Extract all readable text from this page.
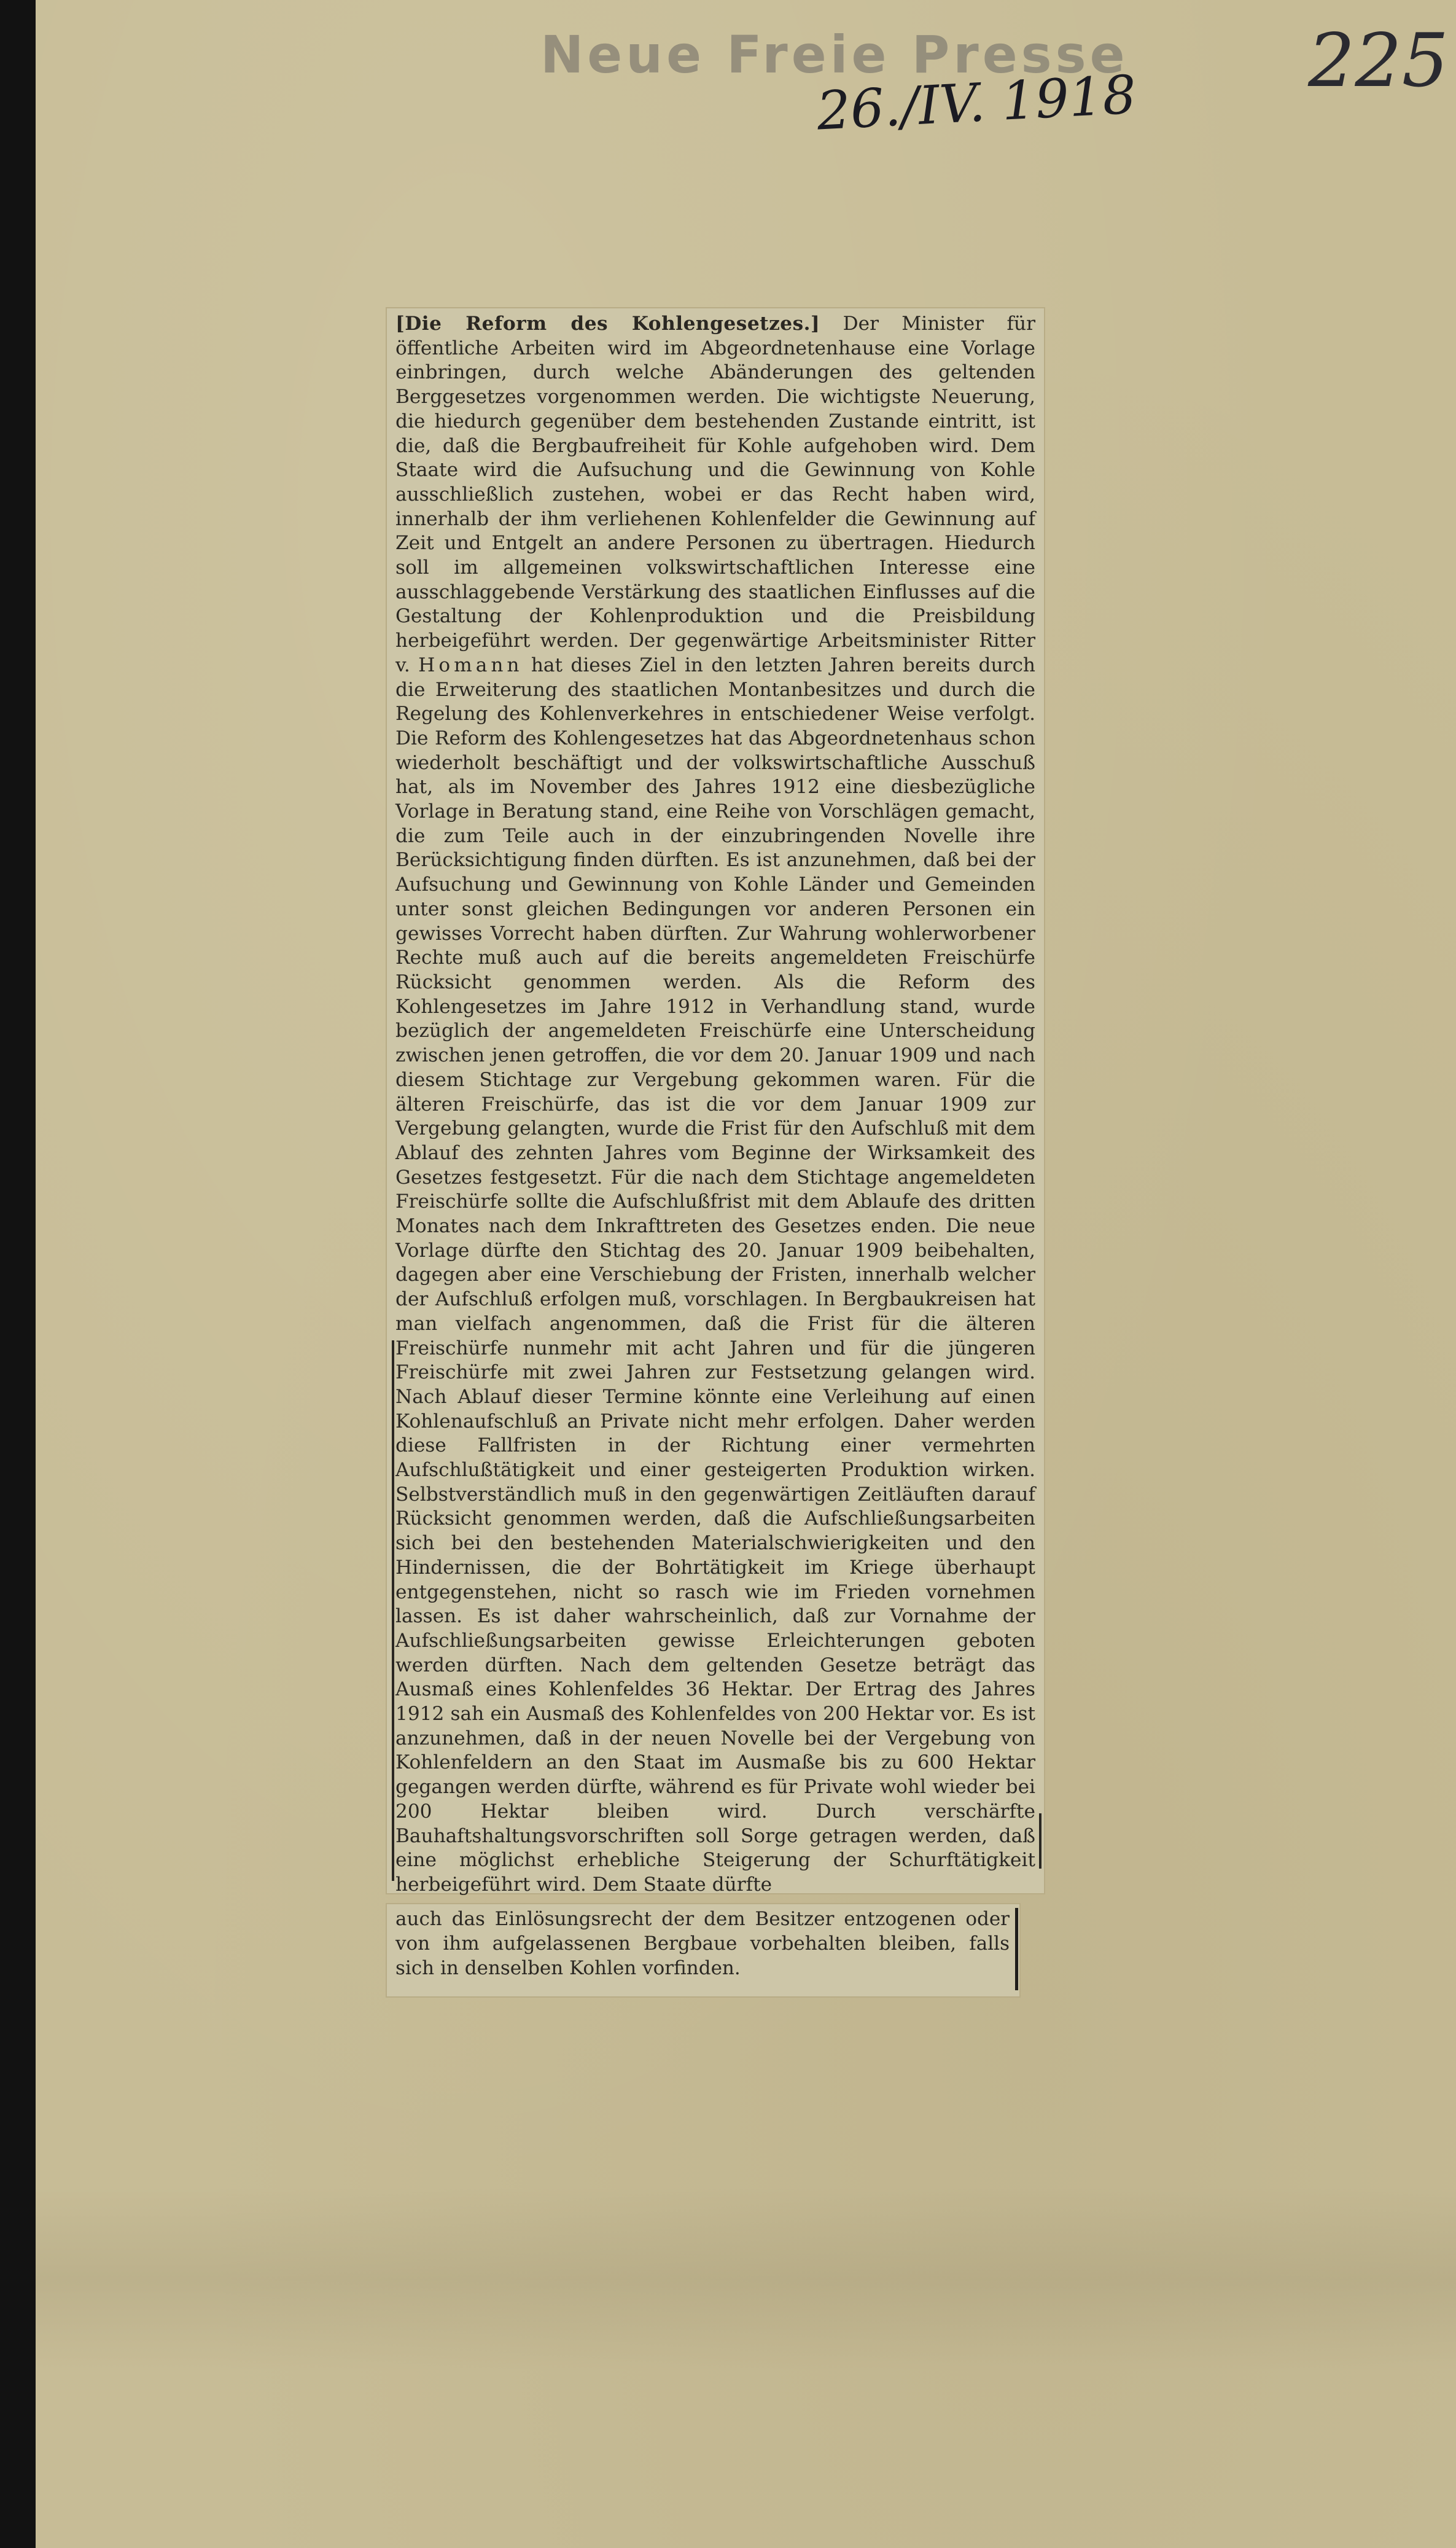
Neue Freie Presse
26./IV. 1918 225
[Die Reform des Kohlengesetzes.] Der Minister für öffentliche Arbeiten wird im Abgeordnetenhause eine Vorlage einbringen, durch welche Abänderungen des geltenden Berggesetzes vorgenommen werden. Die wichtigste Neuerung, die hiedurch gegenüber dem bestehenden Zustande eintritt, ist die, daß die Bergbaufreiheit für Kohle aufgehoben wird. Dem Staate wird die Aufsuchung und die Gewinnung von Kohle ausschließlich zustehen, wobei er das Recht haben wird, innerhalb der ihm verliehenen Kohlenfelder die Gewinnung auf Zeit und Entgelt an andere Personen zu übertragen. Hiedurch soll im allgemeinen volkswirtschaftlichen Interesse eine ausschlaggebende Verstärkung des staatlichen Einflusses auf die Gestaltung der Kohlenproduktion und die Preisbildung herbeigeführt werden. Der gegenwärtige Arbeitsminister Ritter v. Homann hat dieses Ziel in den letzten Jahren bereits durch die Erweiterung des staatlichen Montanbesitzes und durch die Regelung des Kohlenverkehres in entschiedener Weise verfolgt. Die Reform des Kohlengesetzes hat das Abgeordnetenhaus schon wiederholt beschäftigt und der volkswirtschaftliche Ausschuß hat, als im November des Jahres 1912 eine diesbezügliche Vorlage in Beratung stand, eine Reihe von Vorschlägen gemacht, die zum Teile auch in der einzubringenden Novelle ihre Berücksichtigung finden dürften. Es ist anzunehmen, daß bei der Aufsuchung und Gewinnung von Kohle Länder und Gemeinden unter sonst gleichen Bedingungen vor anderen Personen ein gewisses Vorrecht haben dürften. Zur Wahrung wohlerworbener Rechte muß auch auf die bereits angemeldeten Freischürfe Rücksicht genommen werden. Als die Reform des Kohlengesetzes im Jahre 1912 in Verhandlung stand, wurde bezüglich der angemeldeten Freischürfe eine Unterscheidung zwischen jenen getroffen, die vor dem 20. Januar 1909 und nach diesem Stichtage zur Vergebung gekommen waren. Für die älteren Freischürfe, das ist die vor dem Januar 1909 zur Vergebung gelangten, wurde die Frist für den Aufschluß mit dem Ablauf des zehnten Jahres vom Beginne der Wirksamkeit des Gesetzes festgesetzt. Für die nach dem Stichtage angemeldeten Freischürfe sollte die Aufschlußfrist mit dem Ablaufe des dritten Monates nach dem Inkrafttreten des Gesetzes enden. Die neue Vorlage dürfte den Stichtag des 20. Januar 1909 beibehalten, dagegen aber eine Verschiebung der Fristen, innerhalb welcher der Aufschluß erfolgen muß, vorschlagen. In Bergbaukreisen hat man vielfach angenommen, daß die Frist für die älteren Freischürfe nunmehr mit acht Jahren und für die jüngeren Freischürfe mit zwei Jahren zur Festsetzung gelangen wird. Nach Ablauf dieser Termine könnte eine Verleihung auf einen Kohlenaufschluß an Private nicht mehr erfolgen. Daher werden diese Fallfristen in der Richtung einer vermehrten Aufschlußtätigkeit und einer gesteigerten Produktion wirken. Selbstverständlich muß in den gegenwärtigen Zeitläuften darauf Rücksicht genommen werden, daß die Aufschließungsarbeiten sich bei den bestehenden Materialschwierigkeiten und den Hindernissen, die der Bohrtätigkeit im Kriege überhaupt entgegenstehen, nicht so rasch wie im Frieden vornehmen lassen. Es ist daher wahrscheinlich, daß zur Vornahme der Aufschließungsarbeiten gewisse Erleichterungen geboten werden dürften. Nach dem geltenden Gesetze beträgt das Ausmaß eines Kohlenfeldes 36 Hektar. Der Ertrag des Jahres 1912 sah ein Ausmaß des Kohlenfeldes von 200 Hektar vor. Es ist anzunehmen, daß in der neuen Novelle bei der Vergebung von Kohlenfeldern an den Staat im Ausmaße bis zu 600 Hektar gegangen werden dürfte, während es für Private wohl wieder bei 200 Hektar bleiben wird. Durch verschärfte Bauhaftshaltungsvorschriften soll Sorge getragen werden, daß eine möglichst erhebliche Steigerung der Schurftätigkeit herbeigeführt wird. Dem Staate dürfte
auch das Einlösungsrecht der dem Besitzer entzogenen oder von ihm aufgelassenen Bergbaue vorbehalten bleiben, falls sich in denselben Kohlen vorfinden.
